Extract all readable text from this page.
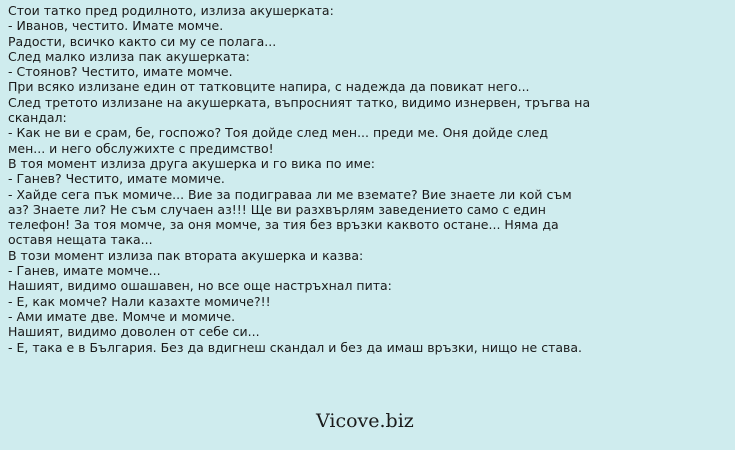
Стои татко пред родилното, излиза акушерката:
- Иванов, честито. Имате момче.
Радости, всичко както си му се полага...
След малко излиза пак акушерката:
- Стоянов? Честито, имате момче.
При всяко излизане един от татковците напира, с надежда да повикат него...
След третото излизане на акушерката, въпросният татко, видимо изнервен, тръгва на
скандал:
- Как не ви е срам, бе, госпожо? Тоя дойде след мен... преди ме. Оня дойде след
мен... и него обслужихте с предимство!
В тоя момент излиза друга акушерка и го вика по име:
- Ганев? Честито, имате момиче.
- Хайде сега пък момиче... Вие за подиграваа ли ме вземате? Вие знаете ли кой съм
аз? Знаете ли? Не съм случаен аз!!! Ще ви разхвърлям заведението само с един
телефон! За тоя момче, за оня момче, за тия без връзки каквото остане... Няма да
оставя нещата така...
В този момент излиза пак втората акушерка и казва:
- Ганев, имате момче...
Нашият, видимо ошашавен, но все още настръхнал пита:
- Е, как момче? Нали казахте момиче?!!
- Ами имате две. Момче и момиче.
Нашият, видимо доволен от себе си...
- Е, така е в България. Без да вдигнеш скандал и без да имаш връзки, нищо не става.
Vicove.biz
